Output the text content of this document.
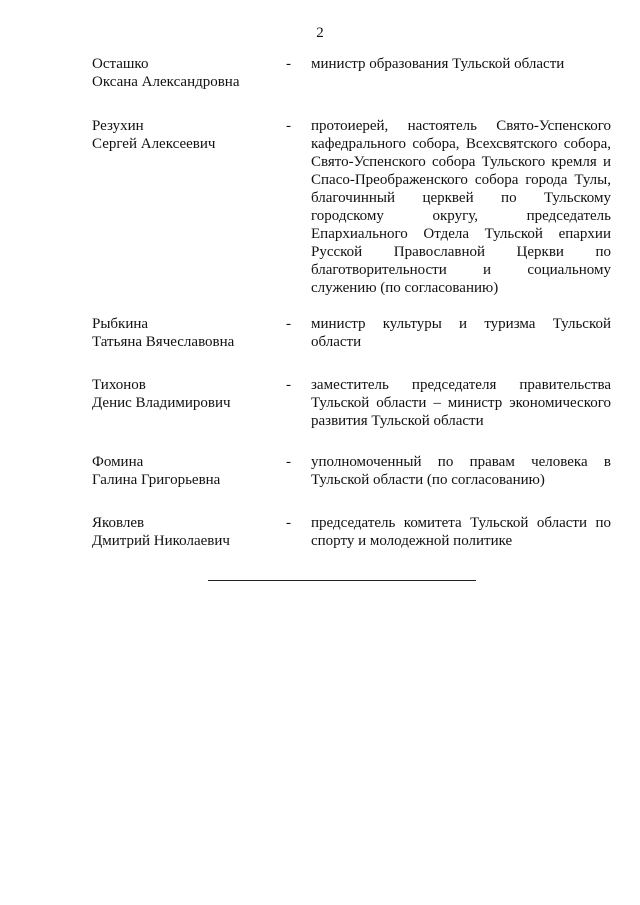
2
Осташко
Оксана Александровна
-	министр образования Тульской области
Резухин
Сергей Алексеевич
-	протоиерей, настоятель Свято-Успенского
кафедрального собора, Всехсвятского собора,
Свято-Успенского собора Тульского кремля и
Спасо-Преображенского собора города Тулы,
благочинный церквей по Тульскому
городскому округу, председатель
Епархиального Отдела Тульской епархии
Русской Православной Церкви по
благотворительности и социальному
служению (по согласованию)
Рыбкина
Татьяна Вячеславовна
-	министр культуры и туризма Тульской
области
Тихонов
Денис Владимирович
-	заместитель председателя правительства
Тульской области – министр экономического
развития Тульской области
Фомина
Галина Григорьевна
-	уполномоченный по правам человека в
Тульской области (по согласованию)
Яковлев
Дмитрий Николаевич
-	председатель комитета Тульской области по
спорту и молодежной политике
